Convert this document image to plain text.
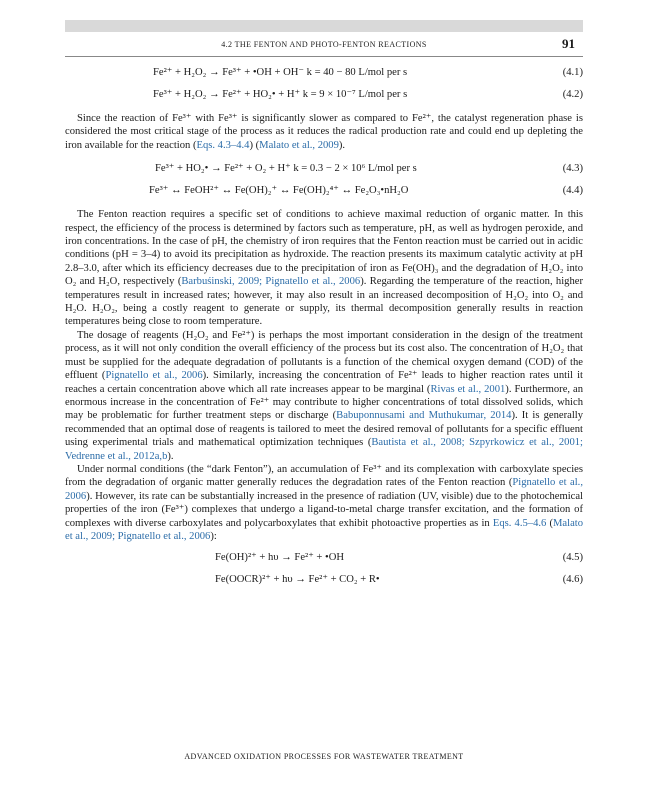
4.2 THE FENTON AND PHOTO-FENTON REACTIONS	91
Fe²⁺ + H₂O₂ → Fe³⁺ + •OH + OH⁻ k = 40 − 80 L/mol per s	(4.1)
Fe³⁺ + H₂O₂ → Fe²⁺ + HO₂• + H⁺ k = 9 × 10⁻⁷ L/mol per s	(4.2)

Since the reaction of Fe³⁺ with Fe³⁺ is significantly slower as compared to Fe²⁺, the catalyst regeneration phase is considered the most critical stage of the process as it reduces the radical production rate and could end up depleting the iron available for the reaction (Eqs. 4.3–4.4) (Malato et al., 2009).

Fe³⁺ + HO₂• → Fe²⁺ + O₂ + H⁺ k = 0.3 − 2 × 10⁶ L/mol per s	(4.3)
Fe³⁺ ↔ FeOH²⁺ ↔ Fe(OH)₂⁺ ↔ Fe(OH)₂⁴⁺ ↔ Fe₂O₃•nH₂O	(4.4)

The Fenton reaction requires a specific set of conditions to achieve maximal reduction of organic matter. In this respect, the efficiency of the process is determined by factors such as temperature, pH, as well as hydrogen peroxide, and iron concentrations. In the case of pH, the chemistry of iron requires that the Fenton reaction must be carried out in acidic conditions (pH = 3–4) to avoid its precipitation as hydroxide. The reaction presents its maximum catalytic activity at pH 2.8–3.0, after which its efficiency decreases due to the precipitation of iron as Fe(OH)₃ and the degradation of H₂O₂ into O₂ and H₂O, respectively (Barbuśinski, 2009; Pignatello et al., 2006). Regarding the temperature of the reaction, higher temperatures result in increased rates; however, it may also result in an increased decomposition of H₂O₂ into O₂ and H₂O. H₂O₂, being a costly reagent to generate or supply, its thermal decomposition generally results in reaction temperatures being close to room temperature.

The dosage of reagents (H₂O₂ and Fe²⁺) is perhaps the most important consideration in the design of the treatment process, as it will not only condition the overall efficiency of the process but its cost also. The concentration of H₂O₂ that must be supplied for the adequate degradation of pollutants is a function of the chemical oxygen demand (COD) of the effluent (Pignatello et al., 2006). Similarly, increasing the concentration of Fe²⁺ leads to higher reaction rates until it reaches a certain concentration above which all rate increases appear to be marginal (Rivas et al., 2001). Furthermore, an enormous increase in the concentration of Fe²⁺ may contribute to higher concentrations of total dissolved solids, which may be problematic for further treatment steps or discharge (Babuponnusami and Muthukumar, 2014). It is generally recommended that an optimal dose of reagents is tailored to meet the desired removal of pollutants for a specific effluent using experimental trials and mathematical optimization techniques (Bautista et al., 2008; Szpyrkowicz et al., 2001; Vedrenne et al., 2012a,b).

Under normal conditions (the “dark Fenton”), an accumulation of Fe³⁺ and its complexation with carboxylate species from the degradation of organic matter generally reduces the degradation rates of the Fenton reaction (Pignatello et al., 2006). However, its rate can be substantially increased in the presence of radiation (UV, visible) due to the photochemical properties of the iron (Fe³⁺) complexes that undergo a ligand-to-metal charge transfer excitation, and the formation of complexes with diverse carboxylates and polycarboxylates that exhibit photoactive properties as in Eqs. 4.5–4.6 (Malato et al., 2009; Pignatello et al., 2006):

Fe(OH)²⁺ + hυ → Fe²⁺ + •OH	(4.5)
Fe(OOCR)²⁺ + hυ → Fe²⁺ + CO₂ + R•	(4.6)
ADVANCED OXIDATION PROCESSES FOR WASTEWATER TREATMENT
